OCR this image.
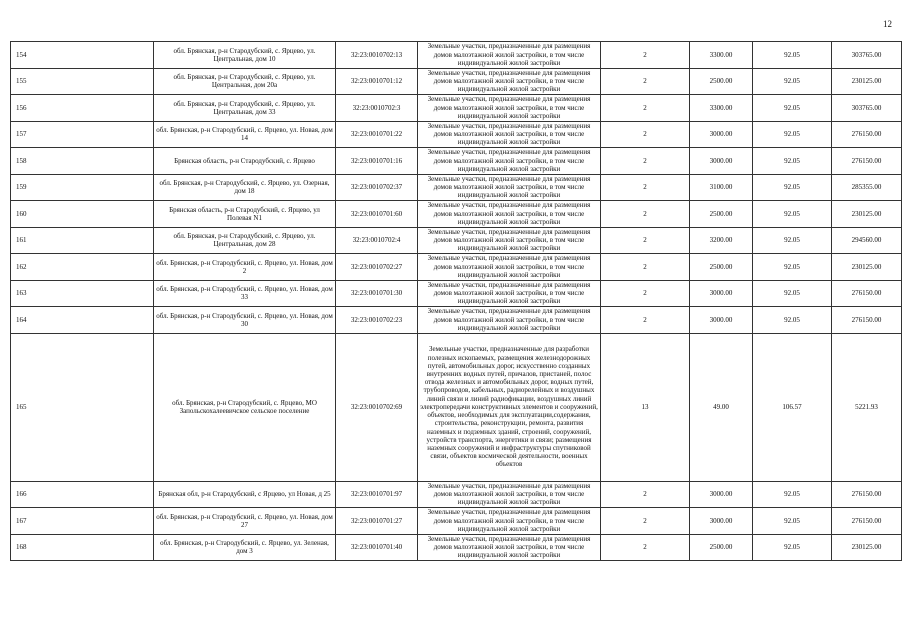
12
154	обл. Брянская, р-н Стародубский, с. Ярцево, ул. Центральная, дом 10	32:23:0010702:13	Земельные участки, предназначенные для размещения домов малоэтажной жилой застройки, в том числе индивидуальной жилой застройки	2	3300.00	92.05	303765.00
155	обл. Брянская, р-н Стародубский, с. Ярцево, ул. Центральная, дом 20а	32:23:0010701:12	Земельные участки, предназначенные для размещения домов малоэтажной жилой застройки, в том числе индивидуальной жилой застройки	2	2500.00	92.05	230125.00
156	обл. Брянская, р-н Стародубский, с. Ярцево, ул. Центральная, дом 33	32:23:0010702:3	Земельные участки, предназначенные для размещения домов малоэтажной жилой застройки, в том числе индивидуальной жилой застройки	2	3300.00	92.05	303765.00
157	обл. Брянская, р-н Стародубский, с. Ярцево, ул. Новая, дом 14	32:23:0010701:22	Земельные участки, предназначенные для размещения домов малоэтажной жилой застройки, в том числе индивидуальной жилой застройки	2	3000.00	92.05	276150.00
158	Брянская область, р-н Стародубский, с. Ярцево	32:23:0010701:16	Земельные участки, предназначенные для размещения домов малоэтажной жилой застройки, в том числе индивидуальной жилой застройки	2	3000.00	92.05	276150.00
159	обл. Брянская, р-н Стародубский, с. Ярцево, ул. Озерная, дом 18	32:23:0010702:37	Земельные участки, предназначенные для размещения домов малоэтажной жилой застройки, в том числе индивидуальной жилой застройки	2	3100.00	92.05	285355.00
160	Брянская область, р-н Стародубский, с. Ярцево, ул Полевая N1	32:23:0010701:60	Земельные участки, предназначенные для размещения домов малоэтажной жилой застройки, в том числе индивидуальной жилой застройки	2	2500.00	92.05	230125.00
161	обл. Брянская, р-н Стародубский, с. Ярцево, ул. Центральная, дом 28	32:23:0010702:4	Земельные участки, предназначенные для размещения домов малоэтажной жилой застройки, в том числе индивидуальной жилой застройки	2	3200.00	92.05	294560.00
162	обл. Брянская, р-н Стародубский, с. Ярцево, ул. Новая, дом 2	32:23:0010702:27	Земельные участки, предназначенные для размещения домов малоэтажной жилой застройки, в том числе индивидуальной жилой застройки	2	2500.00	92.05	230125.00
163	обл. Брянская, р-н Стародубский, с. Ярцево, ул. Новая, дом 33	32:23:0010701:30	Земельные участки, предназначенные для размещения домов малоэтажной жилой застройки, в том числе индивидуальной жилой застройки	2	3000.00	92.05	276150.00
164	обл. Брянская, р-н Стародубский, с. Ярцево, ул. Новая, дом 30	32:23:0010702:23	Земельные участки, предназначенные для размещения домов малоэтажной жилой застройки, в том числе индивидуальной жилой застройки	2	3000.00	92.05	276150.00
165	обл. Брянская, р-н Стародубский, с. Ярцево, МО Запольскохалеевичское сельское поселение	32:23:0010702:69	Земельные участки, предназначенные для разработки полезных ископаемых, размещения железнодорожных путей, автомобильных дорог, искусственно созданных внутренних водных путей, причалов, пристаней, полос отвода железных и автомобильных дорог, водных путей, трубопроводов, кабельных, радиорелейных и воздушных линий связи и линий радиофикации, воздушных линий электропередачи конструктивных элементов и сооружений, объектов, необходимых для эксплуатации,содержания, строительства, реконструкции, ремонта, развития наземных и подземных зданий, строений, сооружений, устройств транспорта, энергетики и связи; размещения наземных сооружений и инфраструктуры спутниковой связи, объектов космической деятельности, военных объектов	13	49.00	106.57	5221.93
166	Брянская обл, р-н Стародубский, с Ярцево, ул Новая, д 25	32:23:0010701:97	Земельные участки, предназначенные для размещения домов малоэтажной жилой застройки, в том числе индивидуальной жилой застройки	2	3000.00	92.05	276150.00
167	обл. Брянская, р-н Стародубский, с. Ярцево, ул. Новая, дом 27	32:23:0010701:27	Земельные участки, предназначенные для размещения домов малоэтажной жилой застройки, в том числе индивидуальной жилой застройки	2	3000.00	92.05	276150.00
168	обл. Брянская, р-н Стародубский, с. Ярцево, ул. Зеленая, дом 3	32:23:0010701:40	Земельные участки, предназначенные для размещения домов малоэтажной жилой застройки, в том числе индивидуальной жилой застройки	2	2500.00	92.05	230125.00
